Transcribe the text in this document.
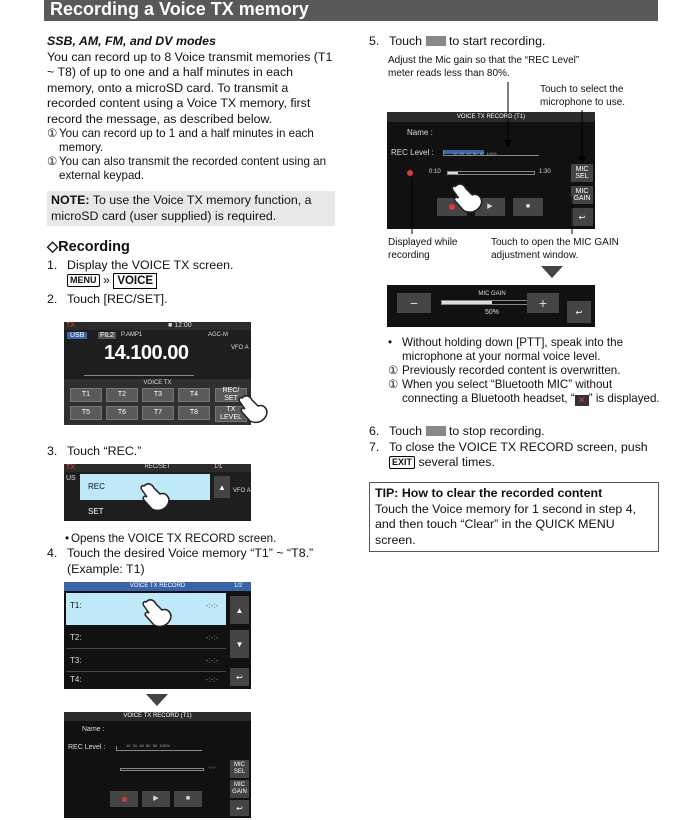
Recording a Voice TX memory
SSB, AM, FM, and DV modes
You can record up to 8 Voice transmit memories (T1 ~ T8) of up to one and a half minutes in each memory, onto a microSD card. To transmit a recorded content using a Voice TX memory, first record the message, as described below.
① You can record up to 1 and a half minutes in each memory.
① You can also transmit the recorded content using an external keypad.
NOTE: To use the Voice TX memory function, a microSD card (user supplied) is required.
◇Recording
1. Display the VOICE TX screen.
MENU » VOICE
2. Touch [REC/SET].
TX	■ 12:00
USB	FIL2	P.AMP1	AGC-M
14.100.00	VFO A
VOICE TX
T1	T2	T3	T4
T5	T6	T7	T8
REC/ SET
TX LEVEL
3. Touch “REC.”
TX	REC/SET	1/1
US
REC
SET
▲	VFO A
• Opens the VOICE TX RECORD screen.
4. Touch the desired Voice memory “T1” ~ “T8.” (Example: T1)
VOICE TX RECORD	1/2
T1:	-:-:-
T2:	-:-:-
T3:	-:-:-
T4:	-:-:-
▲
▼
↩
VOICE TX RECORD (T1)
Name :
REC Level :	10  20  40  60  80  100%
-:-:-	MIC SEL
MIC GAIN
↩
▶	■
5. Touch to start recording.
Adjust the Mic gain so that the “REC Level” meter reads less than 80%.
Touch to select the microphone to use.
VOICE TX RECORD (T1)
Name :
REC Level :	10  20  40  60  80  100%
0:10	1:30	MIC SEL
MIC GAIN
↩
▶	■
Displayed while recording
Touch to open the MIC GAIN adjustment window.
−
MIC GAIN
50%
+
↩
• Without holding down [PTT], speak into the microphone at your normal voice level.
① Previously recorded content is overwritten.
① When you select “Bluetooth MIC” without connecting a Bluetooth headset, “ ✕ ” is displayed.
6. Touch to stop recording.
7. To close the VOICE TX RECORD screen, push EXIT several times.
TIP: How to clear the recorded content
Touch the Voice memory for 1 second in step 4, and then touch “Clear” in the QUICK MENU screen.
